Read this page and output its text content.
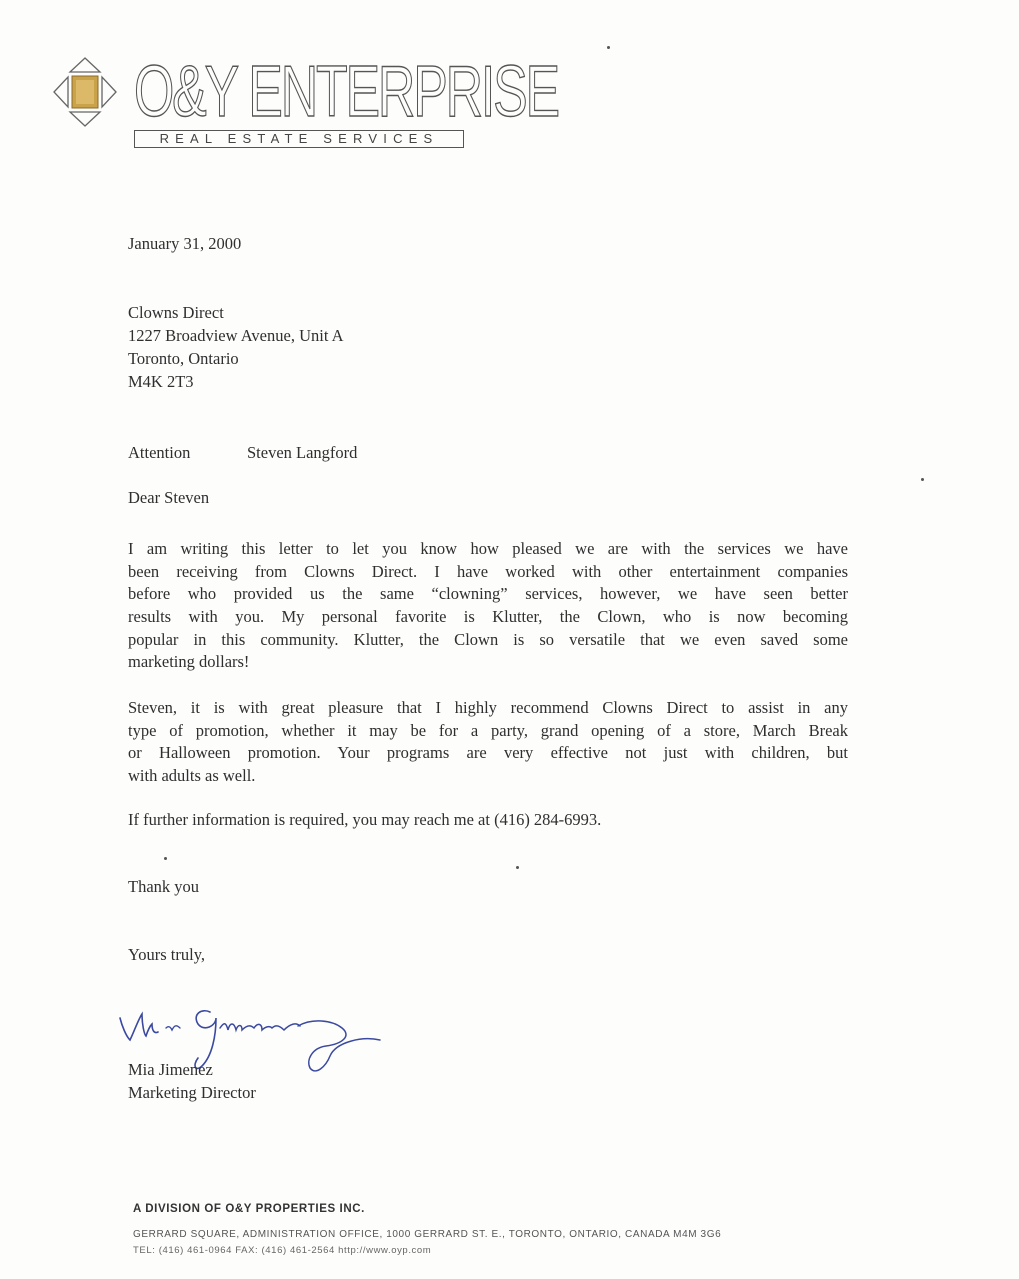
O&Y ENTERPRISE
REAL ESTATE SERVICES
January 31, 2000
Clowns Direct
1227 Broadview Avenue, Unit A
Toronto, Ontario
M4K 2T3
Attention	Steven Langford
Dear Steven
I am writing this letter to let you know how pleased we are with the services we have
been receiving from Clowns Direct. I have worked with other entertainment companies
before who provided us the same “clowning” services, however, we have seen better
results with you. My personal favorite is Klutter, the Clown, who is now becoming
popular in this community. Klutter, the Clown is so versatile that we even saved some
marketing dollars!
Steven, it is with great pleasure that I highly recommend Clowns Direct to assist in any
type of promotion, whether it may be for a party, grand opening of a store, March Break
or Halloween promotion. Your programs are very effective not just with children, but
with adults as well.
If further information is required, you may reach me at (416) 284-6993.
Thank you
Yours truly,
Mia Jimenez
Marketing Director
A DIVISION OF O&Y PROPERTIES INC.
GERRARD SQUARE, ADMINISTRATION OFFICE, 1000 GERRARD ST. E., TORONTO, ONTARIO, CANADA M4M 3G6
TEL: (416) 461-0964 FAX: (416) 461-2564 http://www.oyp.com
